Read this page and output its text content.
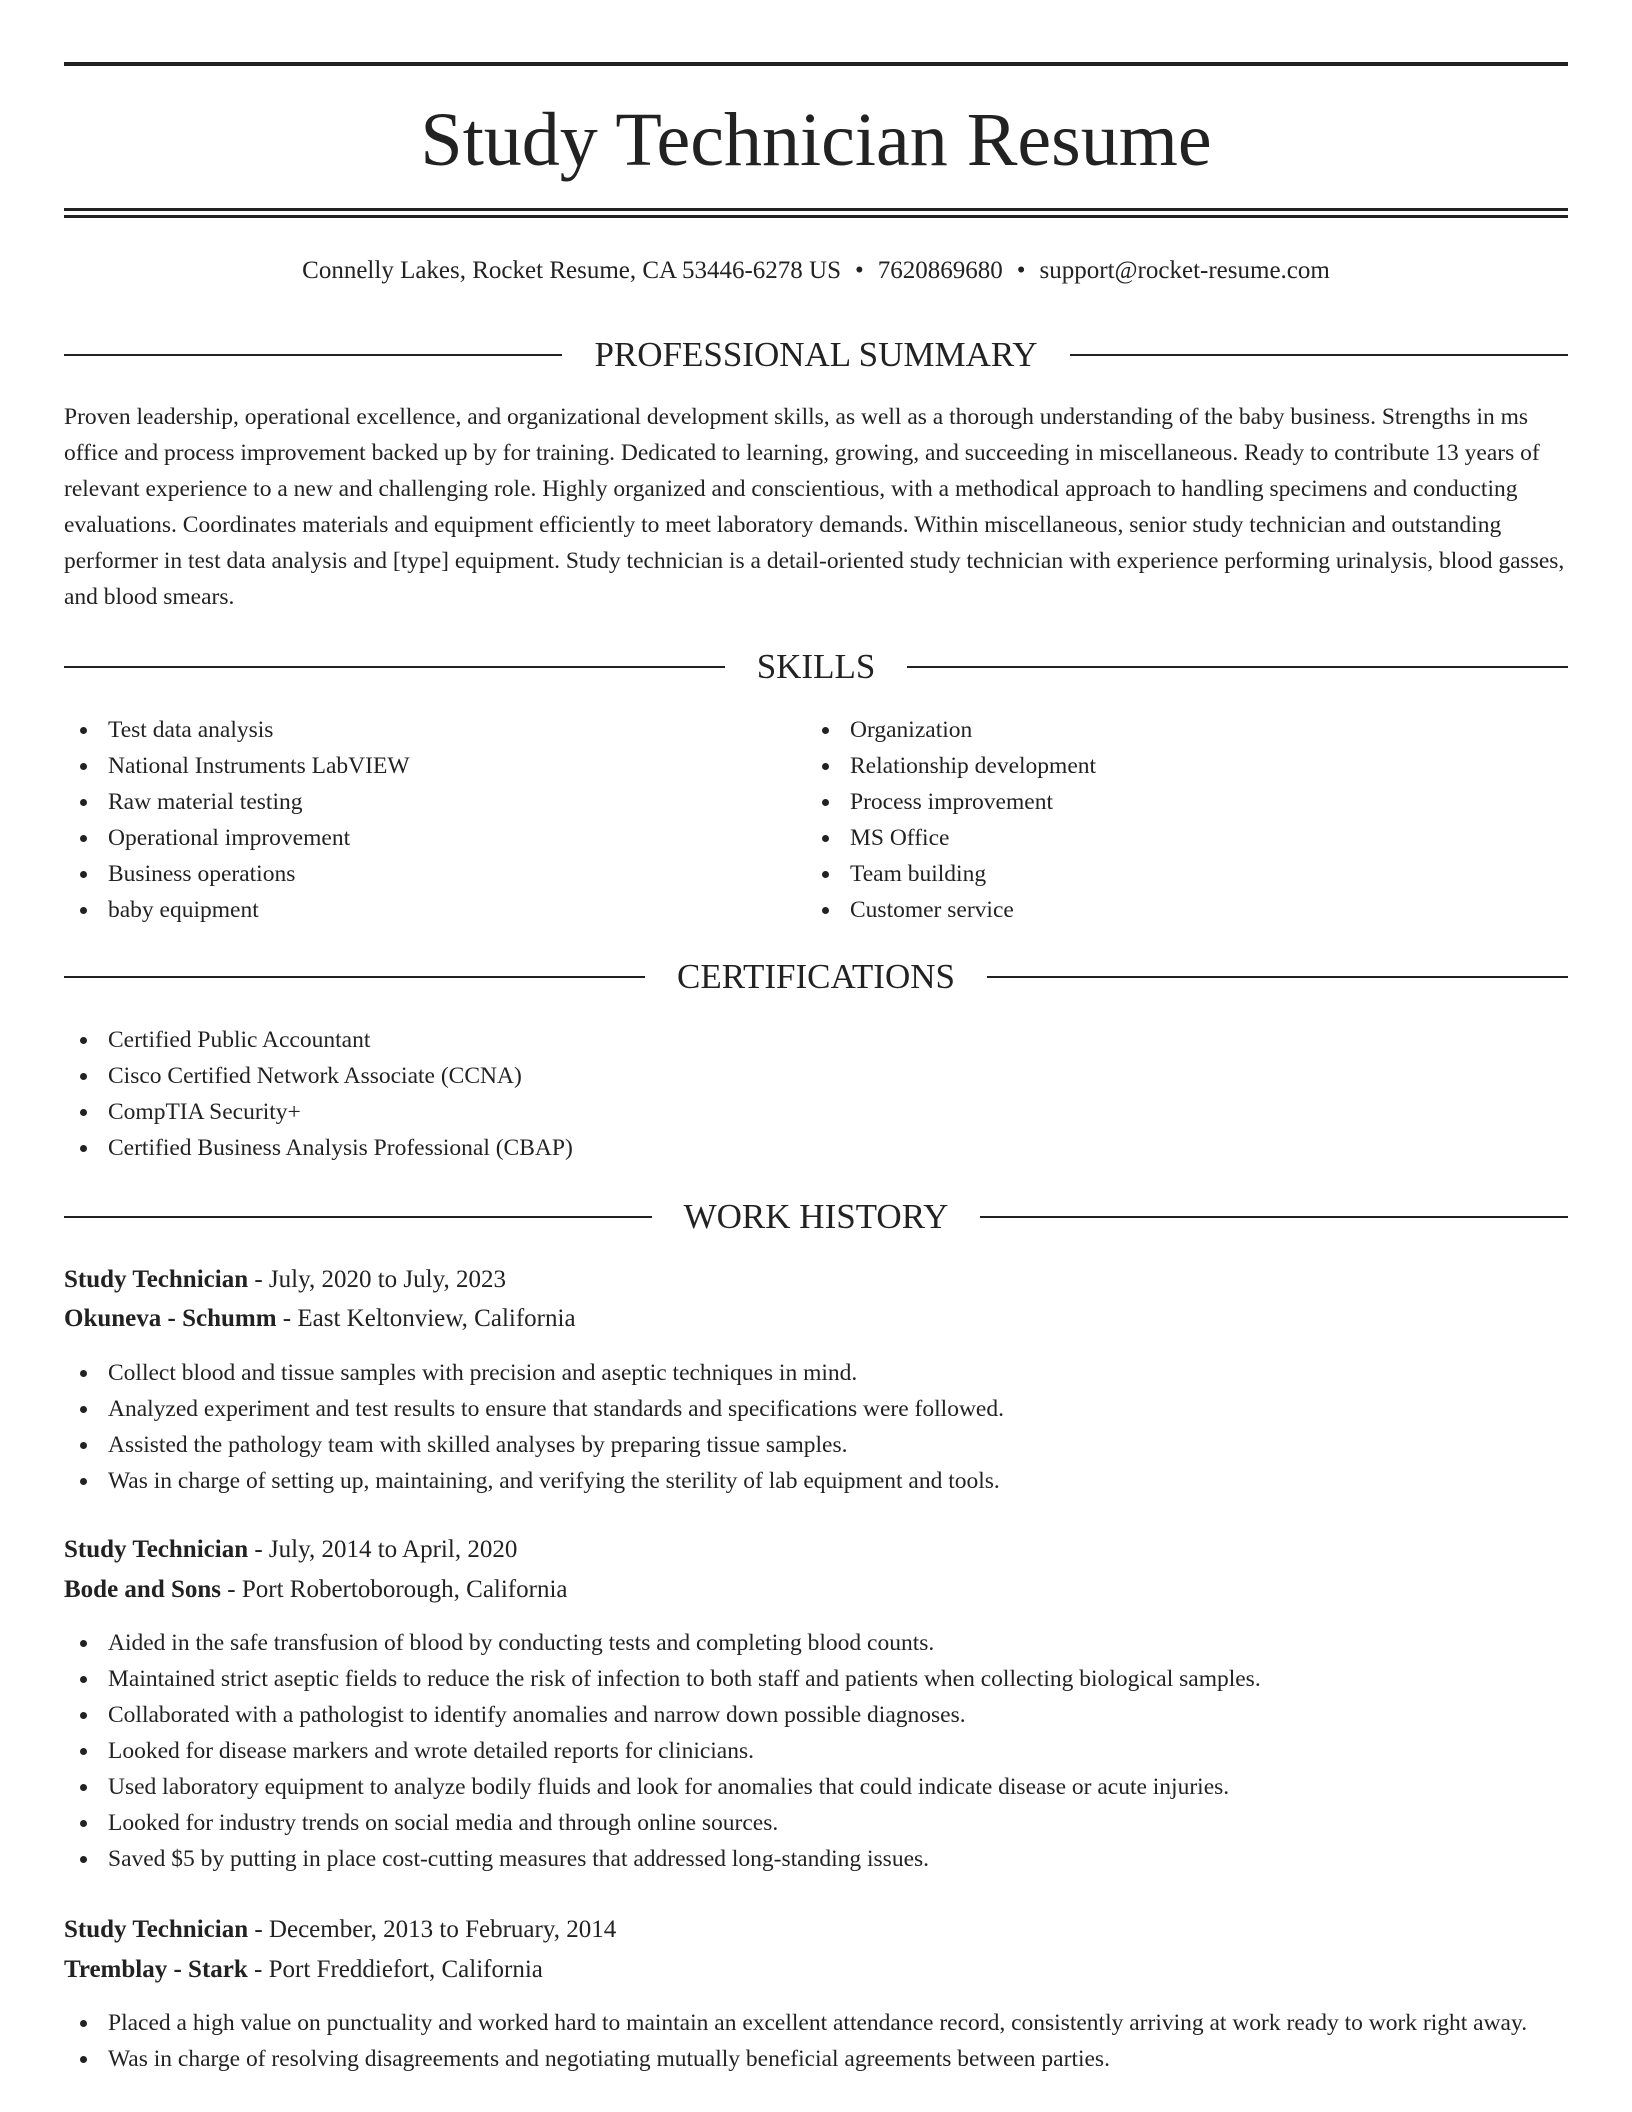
Study Technician Resume
Connelly Lakes, Rocket Resume, CA 53446-6278 US • 7620869680 • support@rocket-resume.com
PROFESSIONAL SUMMARY

Proven leadership, operational excellence, and organizational development skills, as well as a thorough understanding of the baby business. Strengths in ms office and process improvement backed up by for training. Dedicated to learning, growing, and succeeding in miscellaneous. Ready to contribute 13 years of relevant experience to a new and challenging role. Highly organized and conscientious, with a methodical approach to handling specimens and conducting evaluations. Coordinates materials and equipment efficiently to meet laboratory demands. Within miscellaneous, senior study technician and outstanding performer in test data analysis and [type] equipment. Study technician is a detail-oriented study technician with experience performing urinalysis, blood gasses, and blood smears.

SKILLS
Test data analysis
National Instruments LabVIEW
Raw material testing
Operational improvement
Business operations
baby equipment
Organization
Relationship development
Process improvement
MS Office
Team building
Customer service
CERTIFICATIONS
Certified Public Accountant
Cisco Certified Network Associate (CCNA)
CompTIA Security+
Certified Business Analysis Professional (CBAP)
WORK HISTORY
Study Technician - July, 2020 to July, 2023
Okuneva - Schumm - East Keltonview, California
Collect blood and tissue samples with precision and aseptic techniques in mind.
Analyzed experiment and test results to ensure that standards and specifications were followed.
Assisted the pathology team with skilled analyses by preparing tissue samples.
Was in charge of setting up, maintaining, and verifying the sterility of lab equipment and tools.
Study Technician - July, 2014 to April, 2020
Bode and Sons - Port Robertoborough, California
Aided in the safe transfusion of blood by conducting tests and completing blood counts.
Maintained strict aseptic fields to reduce the risk of infection to both staff and patients when collecting biological samples.
Collaborated with a pathologist to identify anomalies and narrow down possible diagnoses.
Looked for disease markers and wrote detailed reports for clinicians.
Used laboratory equipment to analyze bodily fluids and look for anomalies that could indicate disease or acute injuries.
Looked for industry trends on social media and through online sources.
Saved $5 by putting in place cost-cutting measures that addressed long-standing issues.
Study Technician - December, 2013 to February, 2014
Tremblay - Stark - Port Freddiefort, California
Placed a high value on punctuality and worked hard to maintain an excellent attendance record, consistently arriving at work ready to work right away.
Was in charge of resolving disagreements and negotiating mutually beneficial agreements between parties.
